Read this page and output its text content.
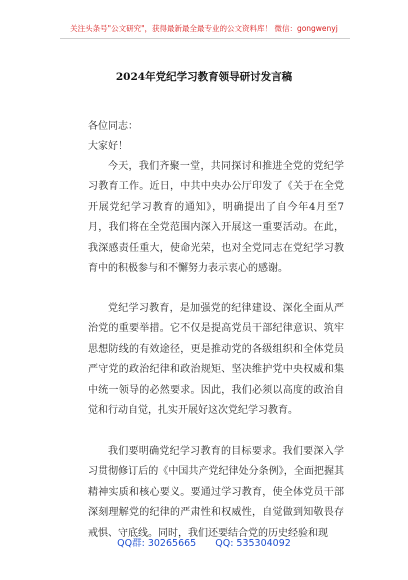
关注头条号"公文研究"，获得最新最全最专业的公文资料库！ 微信：gongwenyj
2024年党纪学习教育领导研讨发言稿

各位同志：

大家好！

今天，我们齐聚一堂，共同探讨和推进全党的党纪学习教育工作。近日，中共中央办公厅印发了《关于在全党开展党纪学习教育的通知》，明确提出了自今年4月至7月，我们将在全党范围内深入开展这一重要活动。在此，我深感责任重大，使命光荣，也对全党同志在党纪学习教育中的积极参与和不懈努力表示衷心的感谢。

党纪学习教育，是加强党的纪律建设、深化全面从严治党的重要举措。它不仅是提高党员干部纪律意识、筑牢思想防线的有效途径，更是推动党的各级组织和全体党员严守党的政治纪律和政治规矩、坚决维护党中央权威和集中统一领导的必然要求。因此，我们必须以高度的政治自觉和行动自觉，扎实开展好这次党纪学习教育。

我们要明确党纪学习教育的目标要求。我们要深入学习贯彻修订后的《中国共产党纪律处分条例》，全面把握其精神实质和核心要义。要通过学习教育，使全体党员干部深刻理解党的纪律的严肃性和权威性，自觉做到知敬畏存戒惧、守底线。同时，我们还要结合党的历史经验和现

QQ群: 30265665 QQ: 535304092
